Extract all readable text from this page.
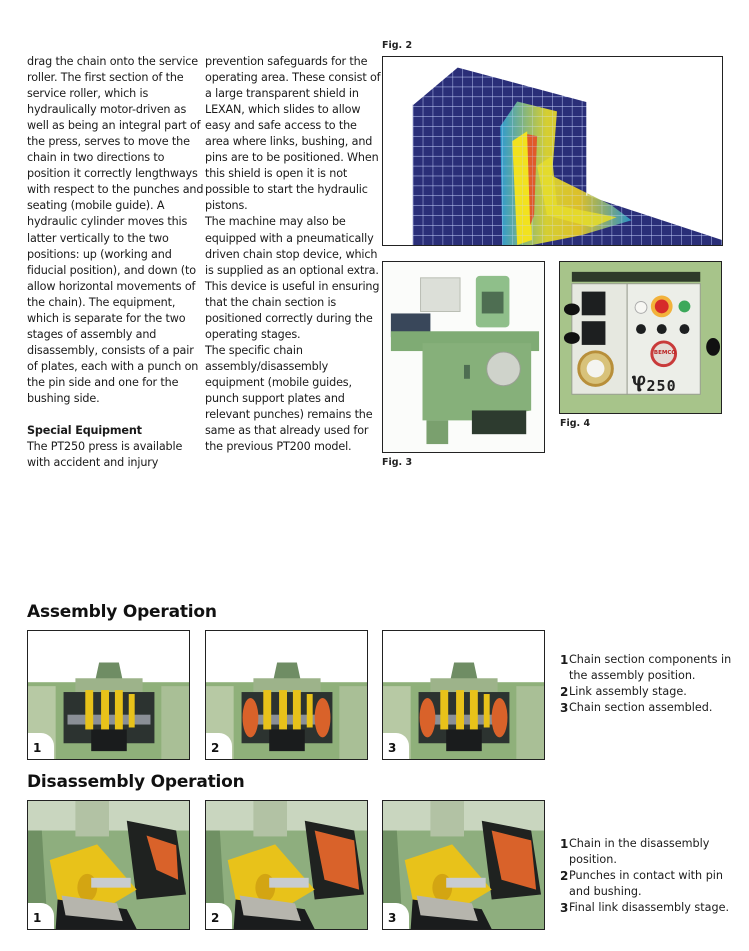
drag the chain onto the service roller. The first section of the service roller, which is hydraulically motor-driven as well as being an integral part of the press, serves to move the chain in two directions to position it correctly lengthways with respect to the punches and seating (mobile guide). A hydraulic cylinder moves this latter vertically to the two positions: up (working and fiducial position), and down (to allow horizontal movements of the chain). The equipment, which is separate for the two stages of assembly and disassembly, consists of a pair of plates, each with a punch on the pin side and one for the bushing side.

Special Equipment

The PT250 press is available with accident and injury

prevention safeguards for the operating area. These consist of a large transparent shield in LEXAN, which slides to allow easy and safe access to the area where links, bushing, and pins are to be positioned. When this shield is open it is not possible to start the hydraulic pistons.

The machine may also be equipped with a pneumatically driven chain stop device, which is supplied as an optional extra. This device is useful in ensuring that the chain section is positioned correctly during the operating stages.

The specific chain assembly/disassembly equipment (mobile guides, punch support plates and relevant punches) remains the same as that already used for the previous PT200 model.

Fig. 2
Fig. 3
BEMCO
Ⳡ250
Fig. 4
Assembly Operation
1	2	3
1 Chain section components in the assembly position.
2 Link assembly stage.
3 Chain section assembled.
Disassembly Operation
1	2	3
1 Chain in the disassembly position.
2 Punches in contact with pin and bushing.
3 Final link disassembly stage.
